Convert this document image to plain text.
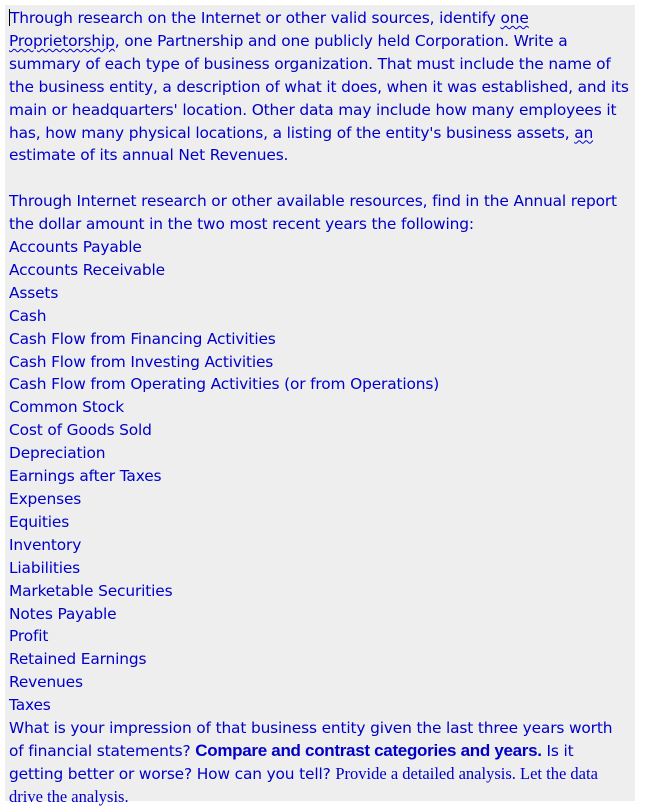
Through research on the Internet or other valid sources, identify one Proprietorship, one Partnership and one publicly held Corporation. Write a summary of each type of business organization. That must include the name of the business entity, a description of what it does, when it was established, and its main or headquarters' location. Other data may include how many employees it has, how many physical locations, a listing of the entity's business assets, an estimate of its annual Net Revenues.

Through Internet research or other available resources, find in the Annual report the dollar amount in the two most recent years the following:

Accounts Payable
Accounts Receivable
Assets
Cash
Cash Flow from Financing Activities
Cash Flow from Investing Activities
Cash Flow from Operating Activities (or from Operations)
Common Stock
Cost of Goods Sold
Depreciation
Earnings after Taxes
Expenses
Equities
Inventory
Liabilities
Marketable Securities
Notes Payable
Profit
Retained Earnings
Revenues
Taxes

What is your impression of that business entity given the last three years worth of financial statements? Compare and contrast categories and years. Is it getting better or worse? How can you tell? Provide a detailed analysis. Let the data drive the analysis.
